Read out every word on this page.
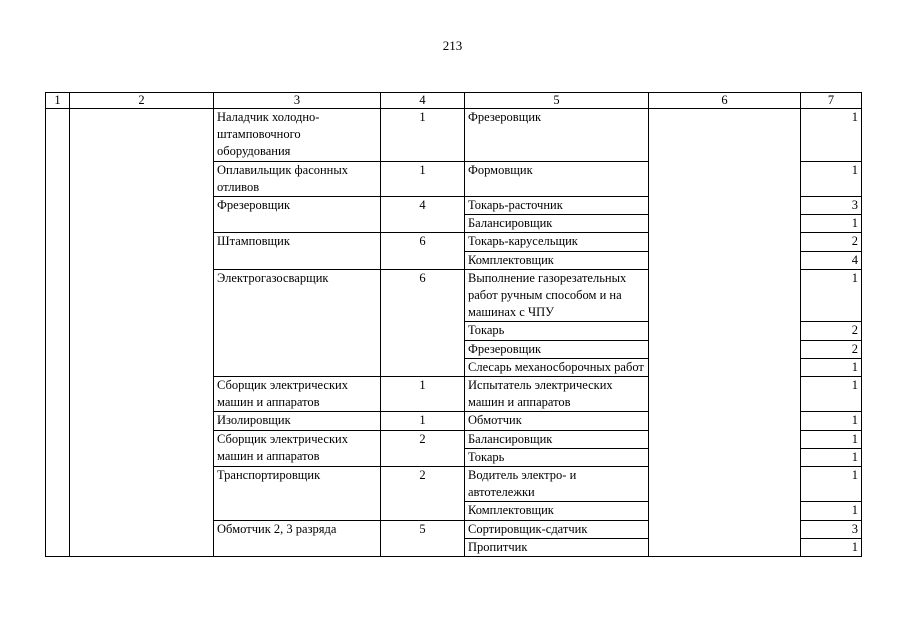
213
1	2	3	4	5	6	7
		Наладчик холодно-штамповочного оборудования	1	Фрезеровщик		1
		Оплавильщик фасонных отливов	1	Формовщик		1
		Фрезеровщик	4	Токарь-расточник		3
				Балансировщик		1
		Штамповщик	6	Токарь-карусельщик		2
				Комплектовщик		4
		Электрогазосварщик	6	Выполнение газорезательных работ ручным способом и на машинах с ЧПУ		1
				Токарь		2
				Фрезеровщик		2
				Слесарь механосборочных работ		1
		Сборщик электрических машин и аппаратов	1	Испытатель электрических машин и аппаратов		1
		Изолировщик	1	Обмотчик		1
		Сборщик электрических машин и аппаратов	2	Балансировщик		1
				Токарь		1
		Транспортировщик	2	Водитель электро- и автотележки		1
				Комплектовщик		1
		Обмотчик 2, 3 разряда	5	Сортировщик-сдатчик		3
				Пропитчик		1
